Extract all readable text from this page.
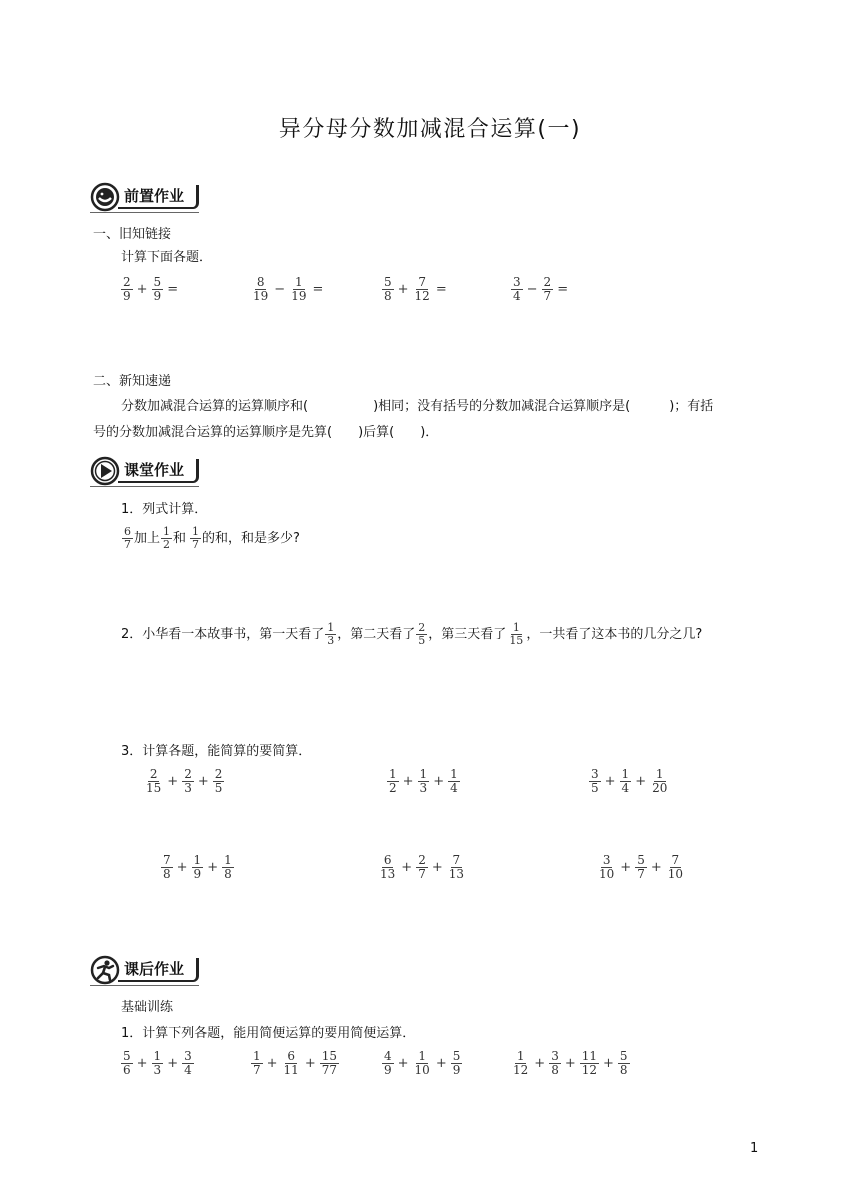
异分母分数加减混合运算(一)
前置作业
一、旧知链接
计算下面各题．
$\frac{2}{9} + \frac{5}{9}$ =	$\frac{8}{19} - \frac{1}{19}$ =	$\frac{5}{8} + \frac{7}{12}$ =	$\frac{3}{4} - \frac{2}{7}$ =
二、新知速递
分数加减混合运算的运算顺序和(　　　　　)相同；没有括号的分数加减混合运算顺序是(　　　)；有括
号的分数加减混合运算的运算顺序是先算(　　)后算(　　)．
课堂作业
1．列式计算．
$\frac{6}{7}$ 加上 $\frac{1}{2}$ 和 $\frac{1}{7}$ 的和，和是多少?
2．小华看一本故事书，第一天看了 $\frac{1}{3}$ ，第二天看了 $\frac{2}{5}$ ，第三天看了 $\frac{1}{15}$ ，一共看了这本书的几分之几?
3．计算各题，能简算的要简算．
$\frac{2}{15} + \frac{2}{3} + \frac{2}{5}$	$\frac{1}{2} + \frac{1}{3} + \frac{1}{4}$	$\frac{3}{5} + \frac{1}{4} + \frac{1}{20}$
$\frac{7}{8} + \frac{1}{9} + \frac{1}{8}$	$\frac{6}{13} + \frac{2}{7} + \frac{7}{13}$	$\frac{3}{10} + \frac{5}{7} + \frac{7}{10}$
课后作业
基础训练
1．计算下列各题，能用简便运算的要用简便运算．
$\frac{5}{6} + \frac{1}{3} + \frac{3}{4}$	$\frac{1}{7} + \frac{6}{11} + \frac{15}{77}$	$\frac{4}{9} + \frac{1}{10} + \frac{5}{9}$	$\frac{1}{12} + \frac{3}{8} + \frac{11}{12} + \frac{5}{8}$
1
